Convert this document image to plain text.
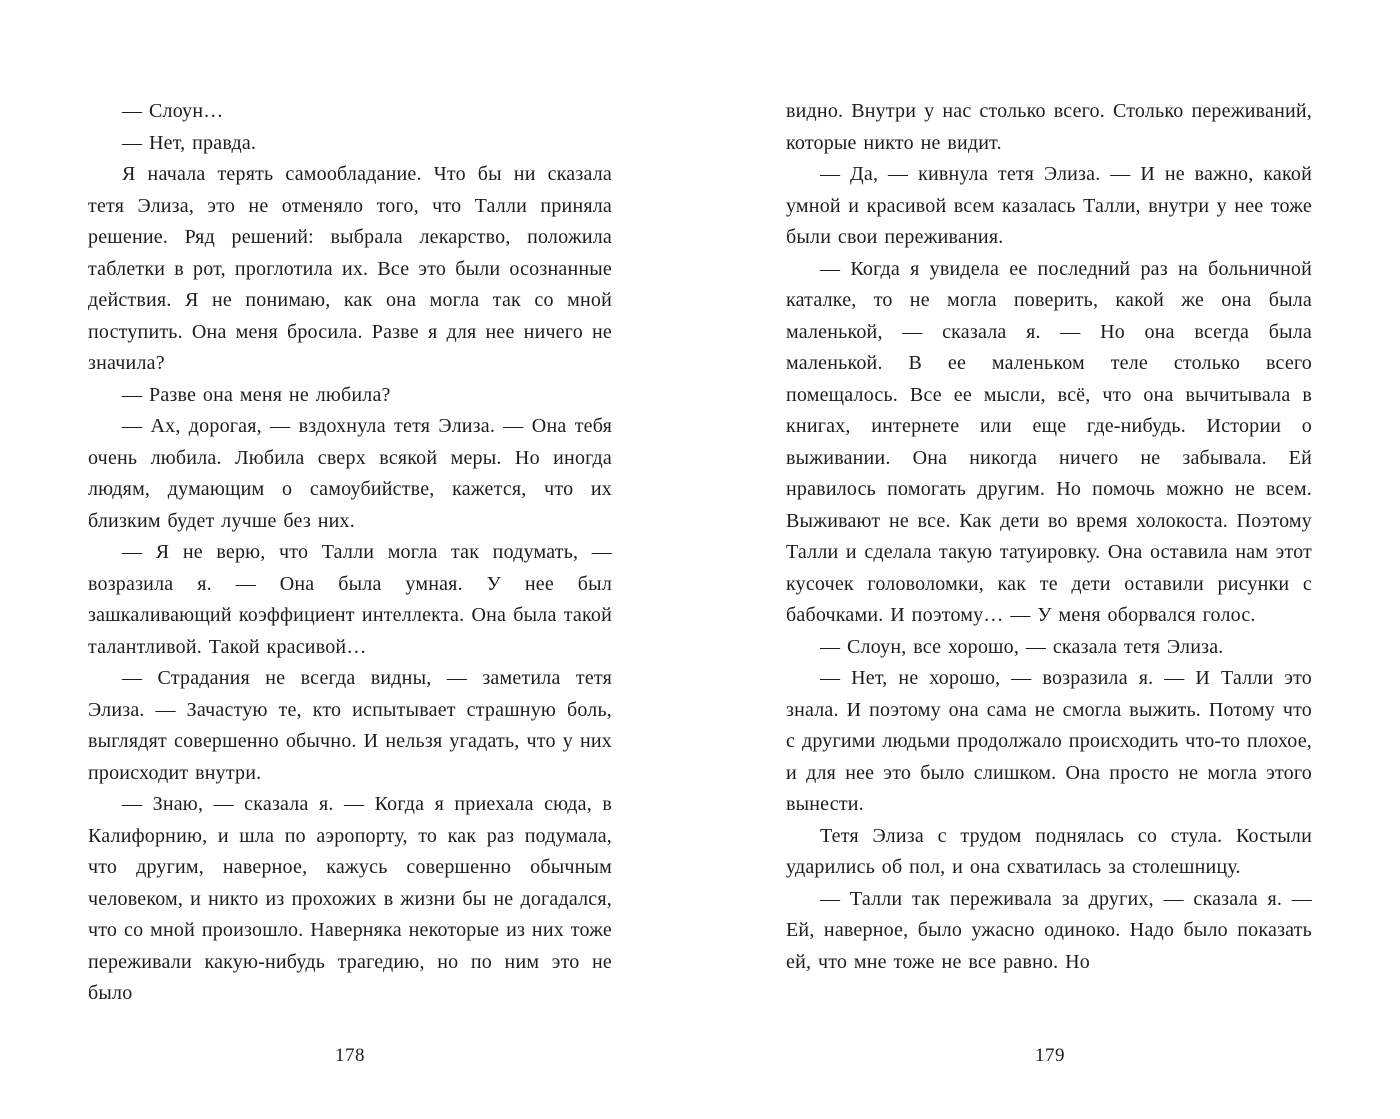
— Слоун…

— Нет, правда.

Я начала терять самообладание. Что бы ни сказала тетя Элиза, это не отменяло того, что Талли приняла решение. Ряд решений: выбрала лекарство, положила таблетки в рот, проглотила их. Все это были осознанные действия. Я не понимаю, как она могла так со мной поступить. Она меня бросила. Разве я для нее ничего не значила?

— Разве она меня не любила?

— Ах, дорогая, — вздохнула тетя Элиза. — Она тебя очень любила. Любила сверх всякой меры. Но иногда людям, думающим о самоубийстве, кажется, что их близким будет лучше без них.

— Я не верю, что Талли могла так подумать, — возразила я. — Она была умная. У нее был зашкаливающий коэффициент интеллекта. Она была такой талантливой. Такой красивой…

— Страдания не всегда видны, — заметила тетя Элиза. — Зачастую те, кто испытывает страшную боль, выглядят совершенно обычно. И нельзя угадать, что у них происходит внутри.

— Знаю, — сказала я. — Когда я приехала сюда, в Калифорнию, и шла по аэропорту, то как раз подумала, что другим, наверное, кажусь совершенно обычным человеком, и никто из прохожих в жизни бы не догадался, что со мной произошло. Наверняка некоторые из них тоже переживали какую-нибудь трагедию, но по ним это не было

178

видно. Внутри у нас столько всего. Столько переживаний, которые никто не видит.

— Да, — кивнула тетя Элиза. — И не важно, какой умной и красивой всем казалась Талли, внутри у нее тоже были свои переживания.

— Когда я увидела ее последний раз на больничной каталке, то не могла поверить, какой же она была маленькой, — сказала я. — Но она всегда была маленькой. В ее маленьком теле столько всего помещалось. Все ее мысли, всё, что она вычитывала в книгах, интернете или еще где-нибудь. Истории о выживании. Она никогда ничего не забывала. Ей нравилось помогать другим. Но помочь можно не всем. Выживают не все. Как дети во время холокоста. Поэтому Талли и сделала такую татуировку. Она оставила нам этот кусочек головоломки, как те дети оставили рисунки с бабочками. И поэтому… — У меня оборвался голос.

— Слоун, все хорошо, — сказала тетя Элиза.

— Нет, не хорошо, — возразила я. — И Талли это знала. И поэтому она сама не смогла выжить. Потому что с другими людьми продолжало происходить что-то плохое, и для нее это было слишком. Она просто не могла этого вынести.

Тетя Элиза с трудом поднялась со стула. Костыли ударились об пол, и она схватилась за столешницу.

— Талли так переживала за других, — сказала я. — Ей, наверное, было ужасно одиноко. Надо было показать ей, что мне тоже не все равно. Но

179
